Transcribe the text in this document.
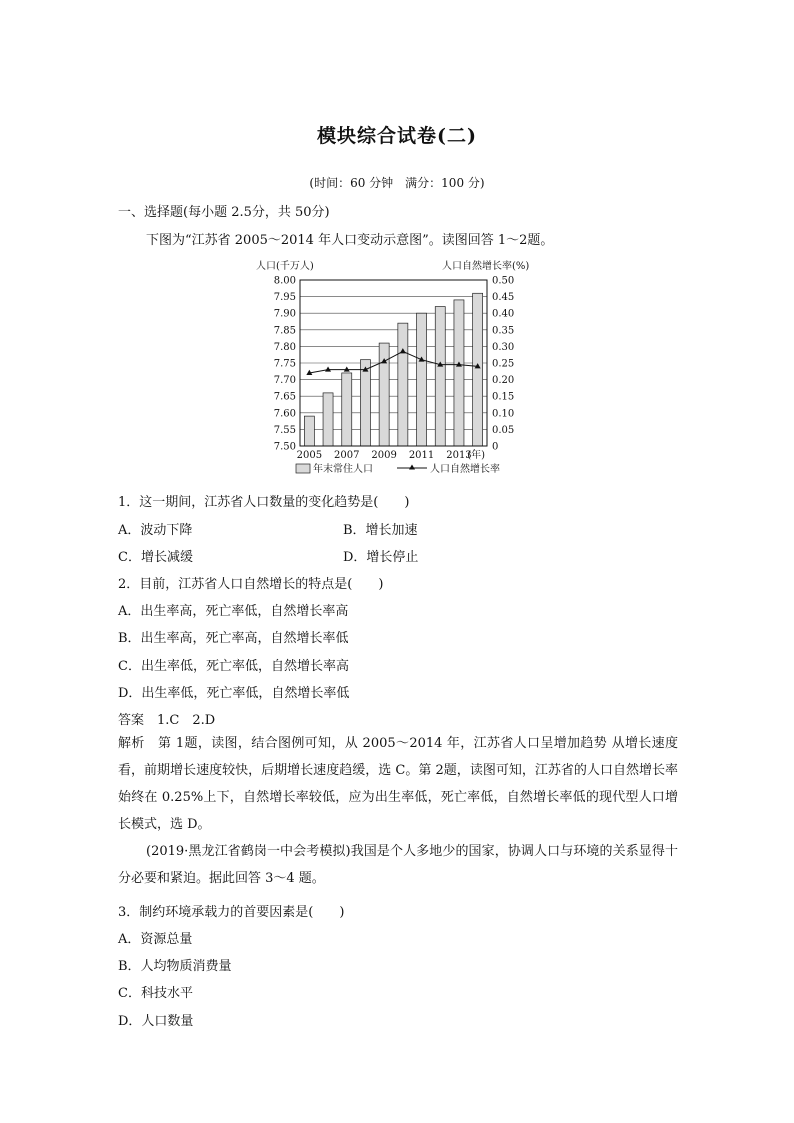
模块综合试卷(二)
(时间：60 分钟　满分：100 分)
一、选择题(每小题 2.5分，共 50分)
下图为“江苏省 2005～2014 年人口变动示意图”。读图回答 1～2题。
人口(千万人)	人口自然增长率(%)
7.50
7.55
7.60
7.65
7.70
7.75
7.80
7.85
7.90
7.95
8.00
0
0.05
0.10
0.15
0.20
0.25
0.30
0.35
0.40
0.45
0.50
2005 2007 2009 2011 2013
(年)
年末常住人口	人口自然增长率
1．这一期间，江苏省人口数量的变化趋势是(　　)
A．波动下降	B．增长加速
C．增长减缓	D．增长停止
2．目前，江苏省人口自然增长的特点是(　　)
A．出生率高，死亡率低，自然增长率高
B．出生率高，死亡率高，自然增长率低
C．出生率低，死亡率低，自然增长率高
D．出生率低，死亡率低，自然增长率低
答案　1.C　2.D
解析　第 1题，读图，结合图例可知，从 2005～2014 年，江苏省人口呈增加趋势 从增长速度看，前期增长速度较快，后期增长速度趋缓，选 C。第 2题，读图可知，江苏省的人口自然增长率始终在 0.25%上下，自然增长率较低，应为出生率低，死亡率低，自然增长率低的现代型人口增长模式，选 D。
(2019·黑龙江省鹤岗一中会考模拟)我国是个人多地少的国家，协调人口与环境的关系显得十分必要和紧迫。据此回答 3～4 题。
3．制约环境承载力的首要因素是(　　)
A．资源总量
B．人均物质消费量
C．科技水平
D．人口数量
